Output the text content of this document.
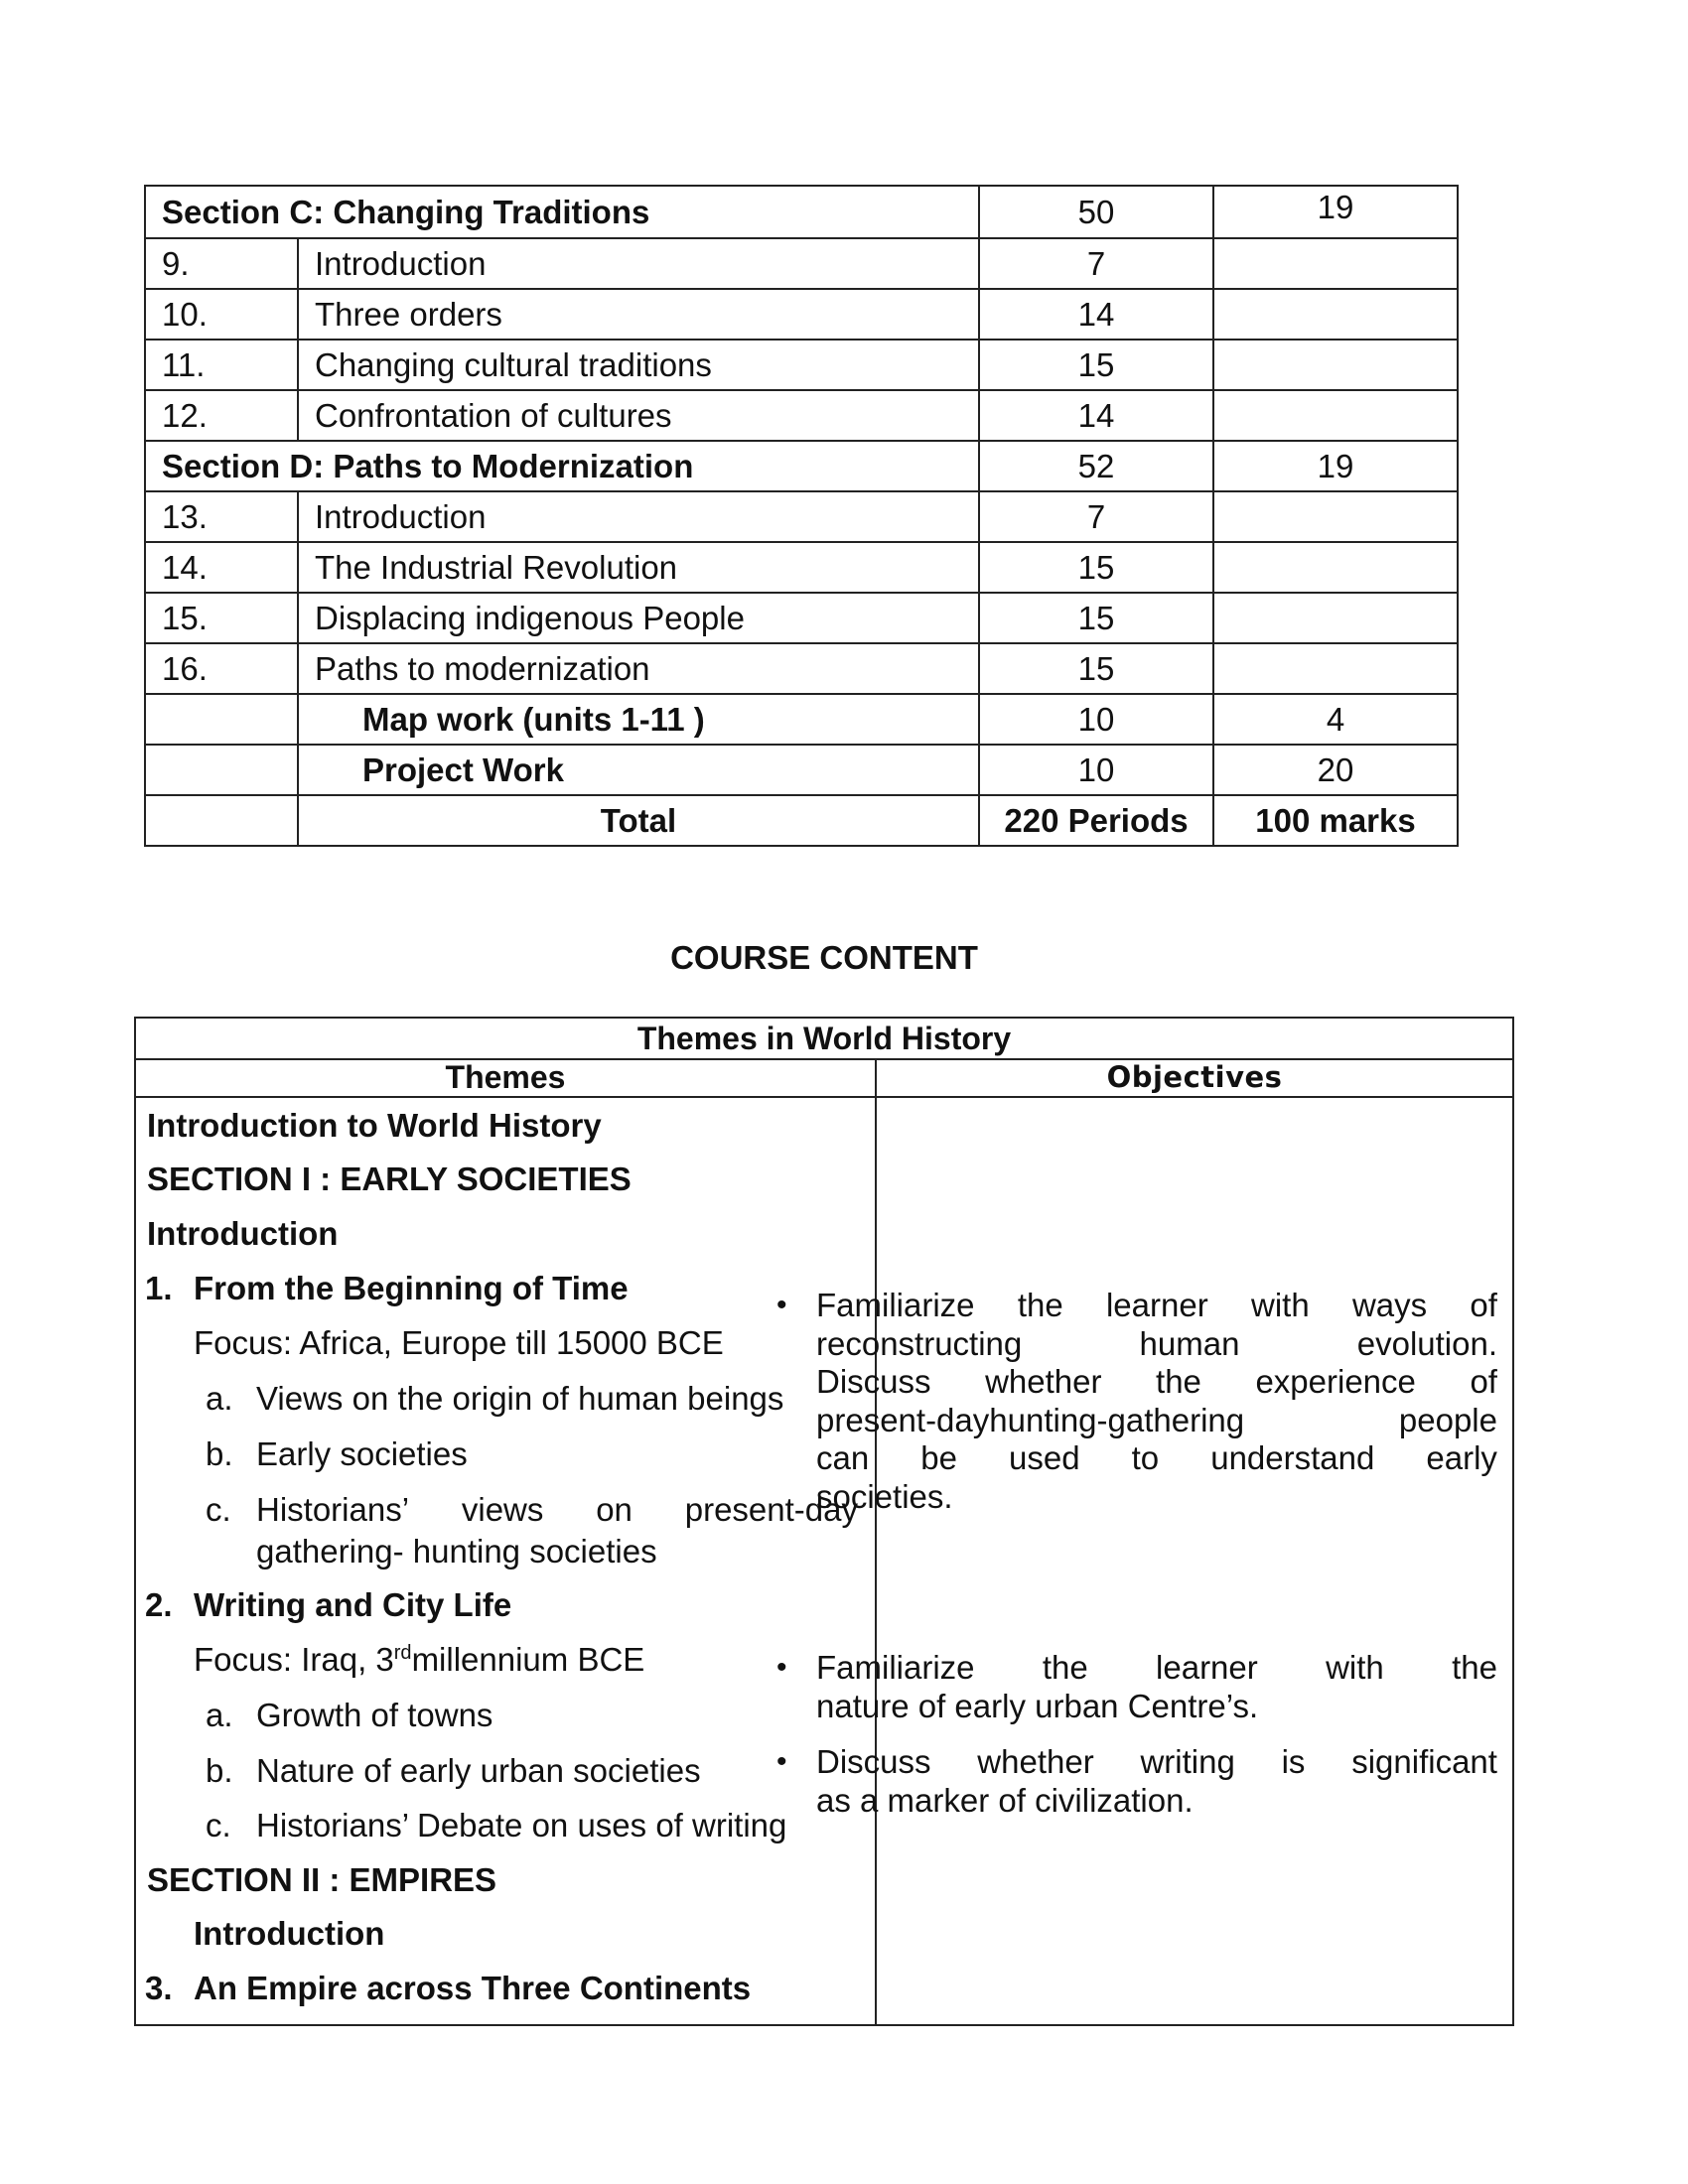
Section C: Changing Traditions		50	19
9.	Introduction	7	
10.	Three orders	14	
11.	Changing cultural traditions	15	
12.	Confrontation of cultures	14	
Section D: Paths to Modernization		52	19
13.	Introduction	7	
14.	The Industrial Revolution	15	
15.	Displacing indigenous People	15	
16.	Paths to modernization	15	
	Map work (units 1-11 )	10	4
	Project Work	10	20
	Total	220 Periods	100 marks
COURSE CONTENT
Themes in World History
Themes	Objectives
Introduction to World History
SECTION I : EARLY SOCIETIES
Introduction
1. From the Beginning of Time
Focus: Africa, Europe till 15000 BCE
a. Views on the origin of human beings
b. Early societies
c. Historians’ views on present-day
gathering- hunting societies
2. Writing and City Life
Focus: Iraq, 3rdmillennium BCE
a. Growth of towns
b. Nature of early urban societies
c. Historians’ Debate on uses of writing
SECTION II : EMPIRES
Introduction
3. An Empire across Three Continents
• Familiarize the learner with ways of
reconstructing	human	evolution.
Discuss whether the experience of
present-dayhunting-gathering	people
can be used to understand early
societies.
• Familiarize the learner with the
nature of early urban Centre’s.
• Discuss whether writing is significant
as a marker of civilization.
